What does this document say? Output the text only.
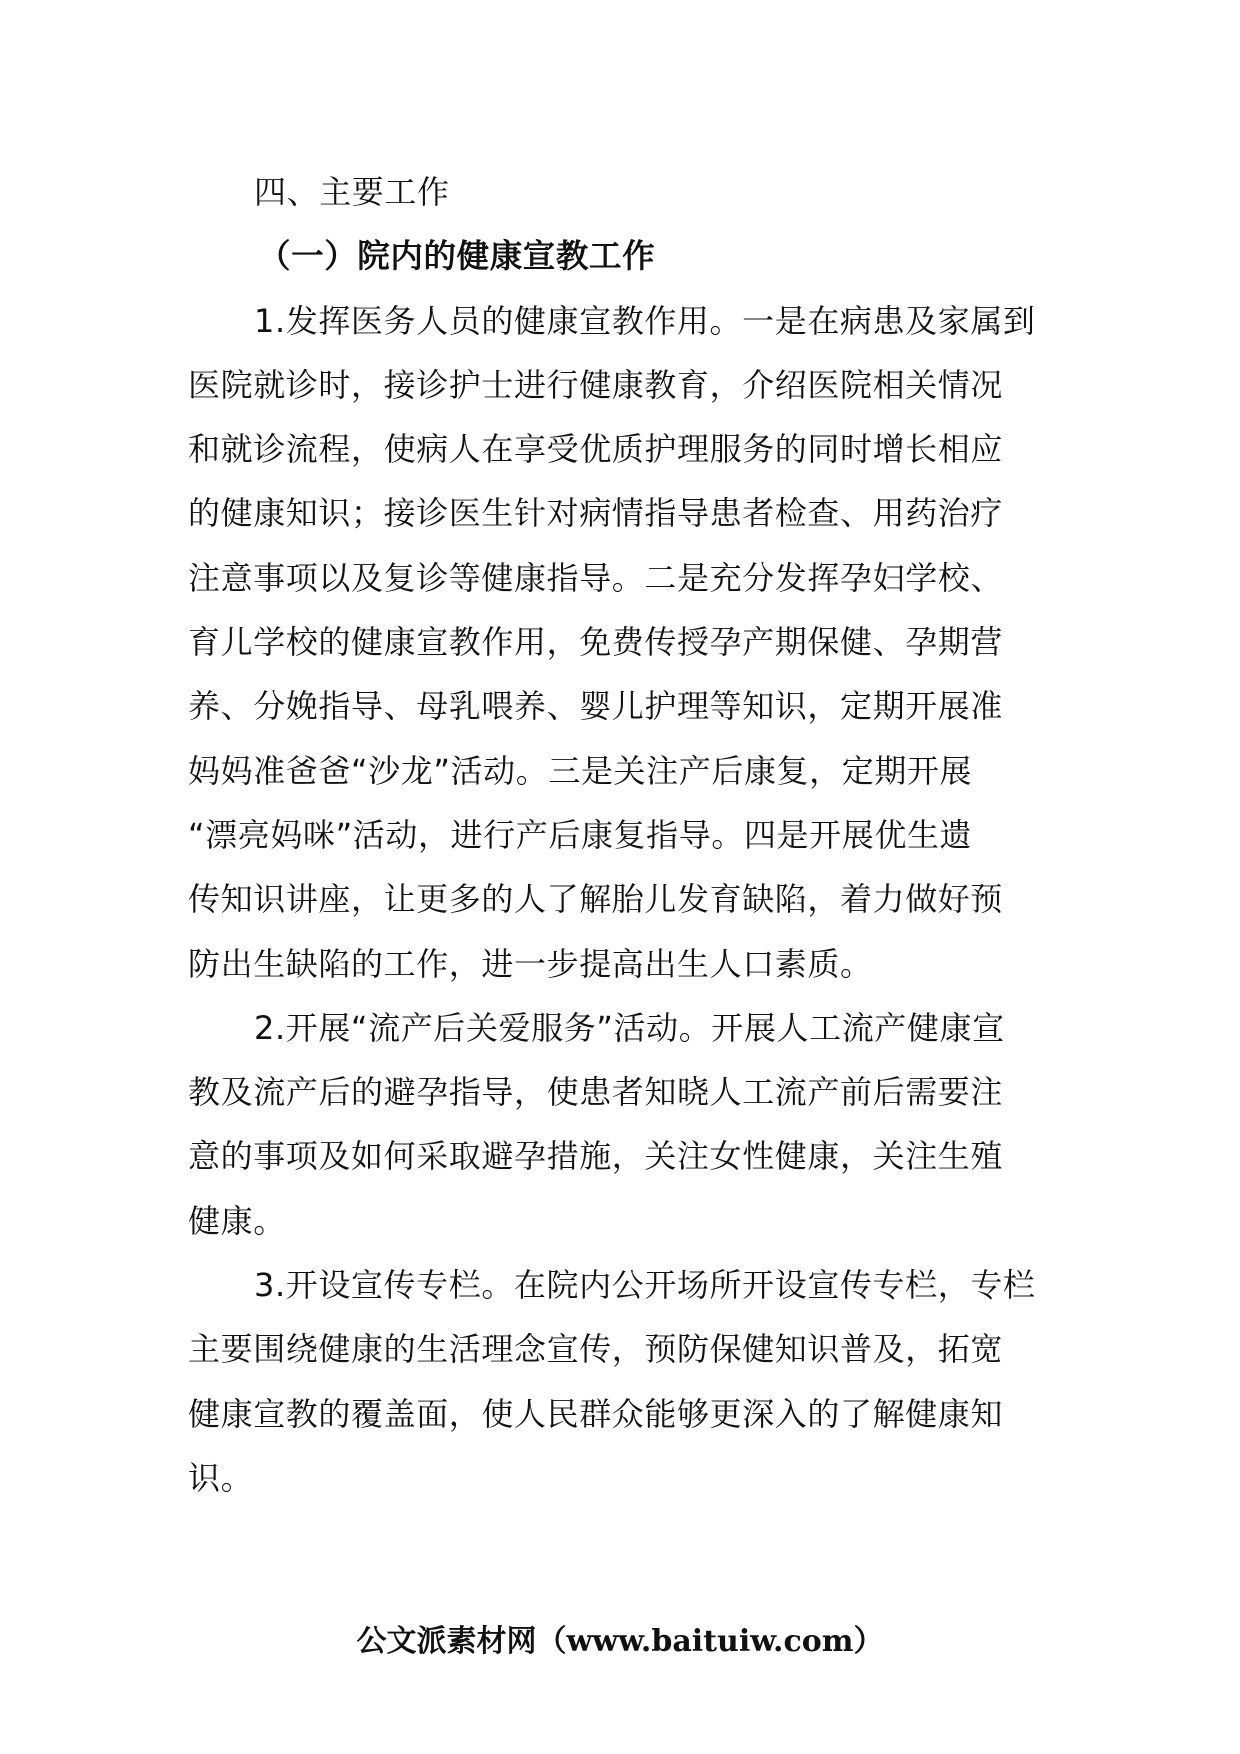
四、主要工作
（一）院内的健康宣教工作
1.发挥医务人员的健康宣教作用。一是在病患及家属到
医院就诊时，接诊护士进行健康教育，介绍医院相关情况
和就诊流程，使病人在享受优质护理服务的同时增长相应
的健康知识；接诊医生针对病情指导患者检查、用药治疗
注意事项以及复诊等健康指导。二是充分发挥孕妇学校、
育儿学校的健康宣教作用，免费传授孕产期保健、孕期营
养、分娩指导、母乳喂养、婴儿护理等知识，定期开展准
妈妈准爸爸“沙龙”活动。三是关注产后康复，定期开展
“漂亮妈咪”活动，进行产后康复指导。四是开展优生遗
传知识讲座，让更多的人了解胎儿发育缺陷，着力做好预
防出生缺陷的工作，进一步提高出生人口素质。
2.开展“流产后关爱服务”活动。开展人工流产健康宣
教及流产后的避孕指导，使患者知晓人工流产前后需要注
意的事项及如何采取避孕措施，关注女性健康，关注生殖
健康。
3.开设宣传专栏。在院内公开场所开设宣传专栏，专栏
主要围绕健康的生活理念宣传，预防保健知识普及，拓宽
健康宣教的覆盖面，使人民群众能够更深入的了解健康知
识。
公文派素材网（www.baituiw.com）
